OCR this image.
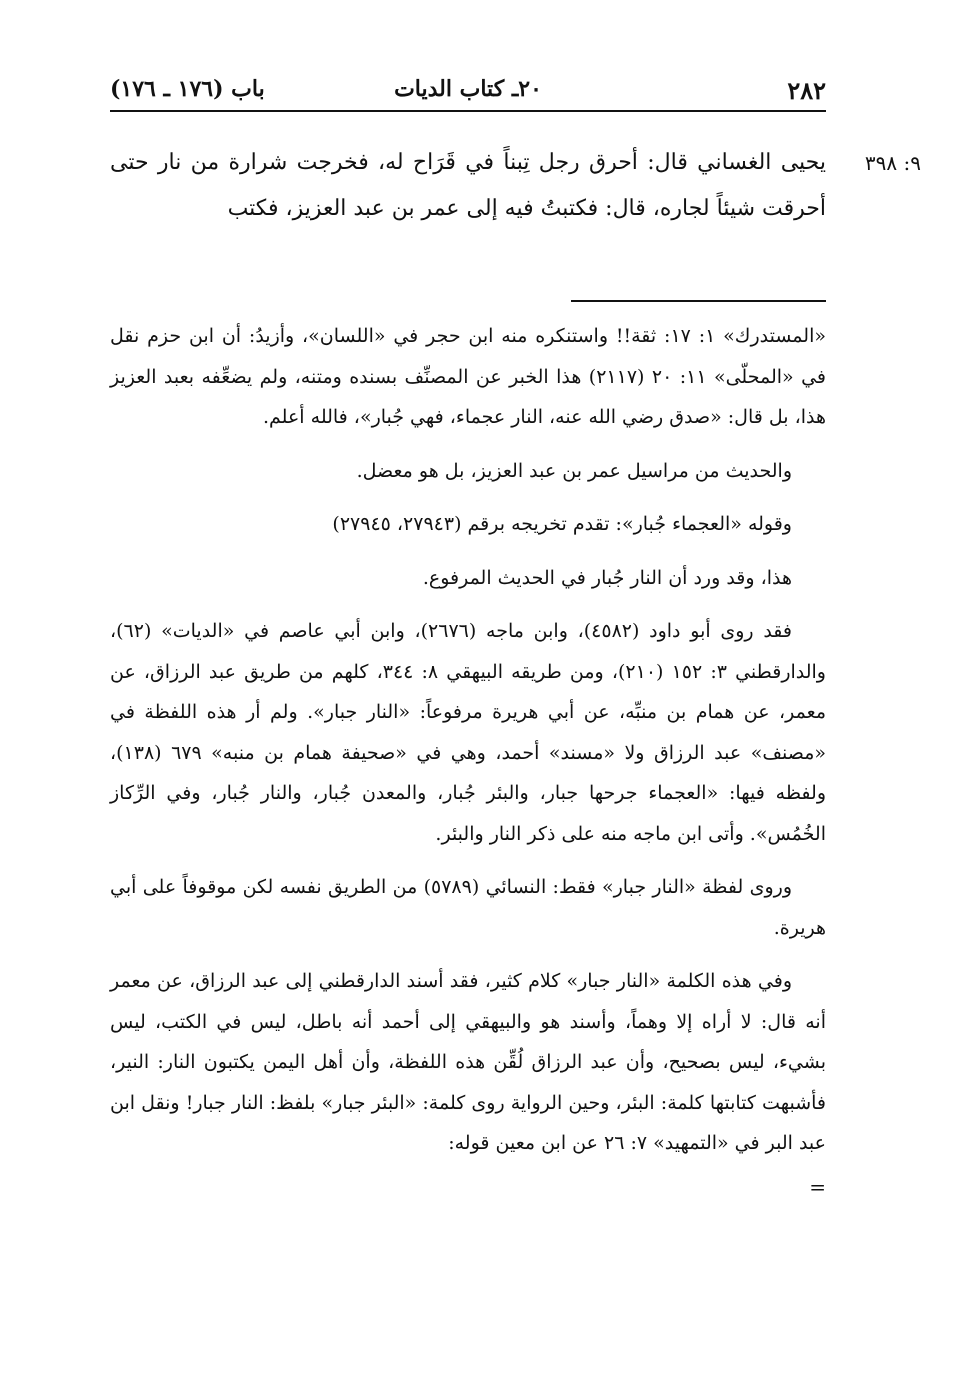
٢٨٢
٢٠ـ كتاب الديات
باب (١٧٦ ـ ١٧٦)
٩: ٣٩٨

يحيى الغساني قال: أحرق رجل تِبناً في قَرَاح له، فخرجت شرارة من نار حتى أحرقت شيئاً لجاره، قال: فكتبتُ فيه إلى عمر بن عبد العزيز، فكتب

«المستدرك» ١: ١٧: ثقة!! واستنكره منه ابن حجر في «اللسان»، وأزيدُ: أن ابن حزم نقل في «المحلّى» ١١: ٢٠ (٢١١٧) هذا الخبر عن المصنِّف بسنده ومتنه، ولم يضعِّفه بعبد العزيز هذا، بل قال: «صدق رضي الله عنه، النار عجماء، فهي جُبار»، فالله أعلم.

والحديث من مراسيل عمر بن عبد العزيز، بل هو معضل.

وقوله «العجماء جُبار»: تقدم تخريجه برقم (٢٧٩٤٣، ٢٧٩٤٥)

هذا، وقد ورد أن النار جُبار في الحديث المرفوع.

فقد روى أبو داود (٤٥٨٢)، وابن ماجه (٢٦٧٦)، وابن أبي عاصم في «الديات» (٦٢)، والدارقطني ٣: ١٥٢ (٢١٠)، ومن طريقه البيهقي ٨: ٣٤٤، كلهم من طريق عبد الرزاق، عن معمر، عن همام بن منبِّه، عن أبي هريرة مرفوعاً: «النار جبار». ولم أر هذه اللفظة في «مصنف» عبد الرزاق ولا «مسند» أحمد، وهي في «صحيفة همام بن منبه» ٦٧٩ (١٣٨)، ولفظه فيها: «العجماء جرحها جبار، والبئر جُبار، والمعدن جُبار، والنار جُبار، وفي الرِّكاز الخُمُس». وأتى ابن ماجه منه على ذكر النار والبئر.

وروى لفظة «النار جبار» فقط: النسائي (٥٧٨٩) من الطريق نفسه لكن موقوفاً على أبي هريرة.

وفي هذه الكلمة «النار جبار» كلام كثير، فقد أسند الدارقطني إلى عبد الرزاق، عن معمر أنه قال: لا أراه إلا وهماً، وأسند هو والبيهقي إلى أحمد أنه باطل، ليس في الكتب، ليس بشيء، ليس بصحيح، وأن عبد الرزاق لُقِّن هذه اللفظة، وأن أهل اليمن يكتبون النار: النير، فأشبهت كتابتها كلمة: البئر، وحين الرواية روى كلمة: «البئر جبار» بلفظ: النار جبار! ونقل ابن عبد البر في «التمهيد» ٧: ٢٦ عن ابن معين قوله:

=
